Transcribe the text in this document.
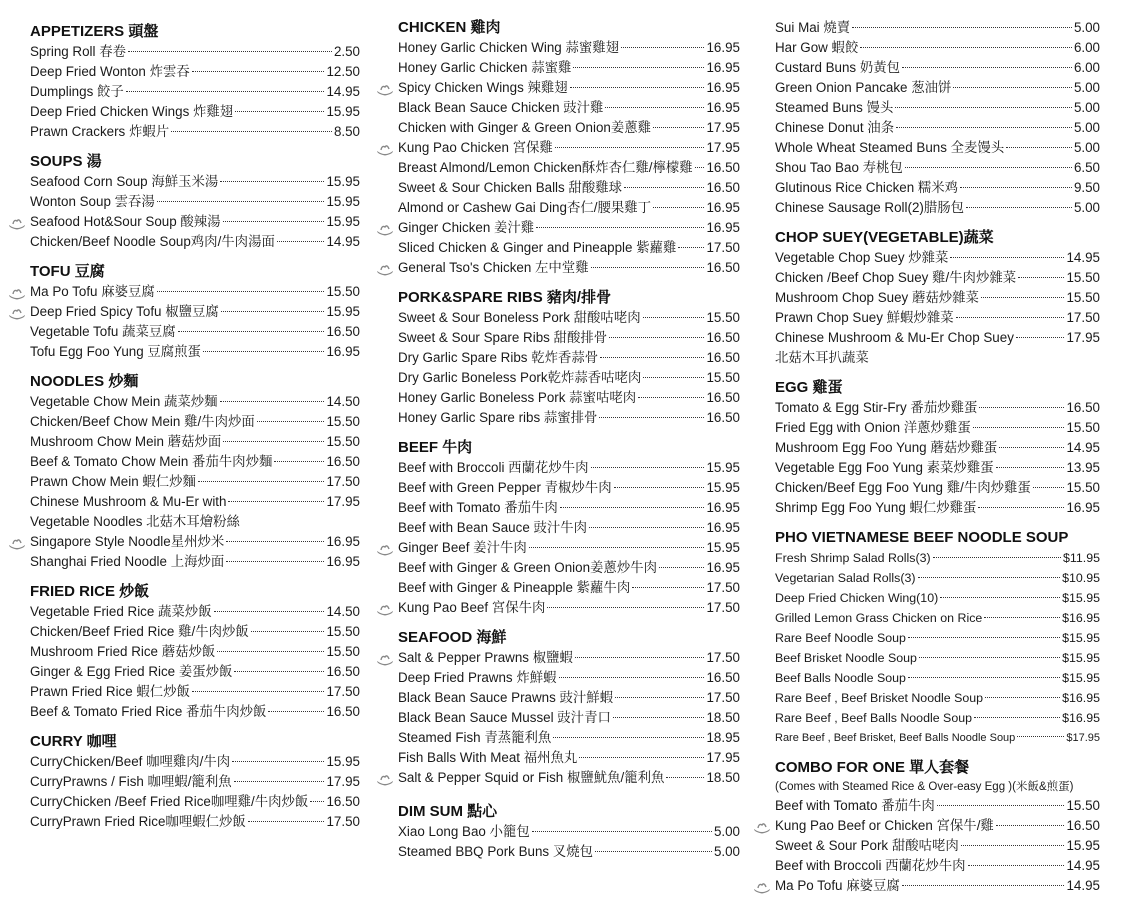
APPETIZERS 頭盤
Spring Roll 春卷	2.50
Deep Fried Wonton 炸雲吞	12.50
Dumplings 餃子	14.95
Deep Fried Chicken Wings 炸雞翅	15.95
Prawn Crackers 炸蝦片	8.50
SOUPS 湯
Seafood Corn Soup 海鮮玉米湯	15.95
Wonton Soup 雲吞湯	15.95
Seafood Hot&Sour Soup 酸辣湯	15.95
Chicken/Beef Noodle Soup鸡肉/牛肉湯面	14.95
TOFU 豆腐
Ma Po Tofu 麻婆豆腐	15.50
Deep Fried Spicy Tofu 椒鹽豆腐	15.95
Vegetable Tofu 蔬菜豆腐	16.50
Tofu Egg Foo Yung 豆腐煎蛋	16.95
NOODLES 炒麵
Vegetable Chow Mein 蔬菜炒麵	14.50
Chicken/Beef Chow Mein 雞/牛肉炒面	15.50
Mushroom Chow Mein 蘑菇炒面	15.50
Beef & Tomato Chow Mein 番茄牛肉炒麵	16.50
Prawn Chow Mein 蝦仁炒麵	17.50
Chinese Mushroom & Mu-Er with	17.95
Vegetable Noodles 北菇木耳燴粉絲
Singapore Style Noodle星州炒米	16.95
Shanghai Fried Noodle 上海炒面	16.95
FRIED RICE 炒飯
Vegetable Fried Rice 蔬菜炒飯	14.50
Chicken/Beef Fried Rice 雞/牛肉炒飯	15.50
Mushroom Fried Rice 蘑菇炒飯	15.50
Ginger & Egg Fried Rice 姜蛋炒飯	16.50
Prawn Fried Rice 蝦仁炒飯	17.50
Beef & Tomato Fried Rice 番茄牛肉炒飯	16.50
CURRY 咖哩
CurryChicken/Beef 咖哩雞肉/牛肉	15.95
CurryPrawns / Fish 咖哩蝦/籠利魚	17.95
CurryChicken /Beef Fried Rice咖哩雞/牛肉炒飯 16.50
CurryPrawn Fried Rice咖哩蝦仁炒飯	17.50
CHICKEN 雞肉
Honey Garlic Chicken Wing 蒜蜜雞翅	16.95
Honey Garlic Chicken 蒜蜜雞	16.95
Spicy Chicken Wings 辣雞翅	16.95
Black Bean Sauce Chicken 豉汁雞	16.95
Chicken with Ginger & Green Onion姜蔥雞	17.95
Kung Pao Chicken 宮保雞	17.95
Breast Almond/Lemon Chicken酥炸杏仁雞/檸檬雞 16.50
Sweet & Sour Chicken Balls 甜酸雞球	16.50
Almond or Cashew Gai Ding杏仁/腰果雞丁	16.95
Ginger Chicken 姜汁雞	16.95
Sliced Chicken & Ginger and Pineapple 紫蘿雞 17.50
General Tso's Chicken 左中堂雞	16.50
PORK&SPARE RIBS 豬肉/排骨
Sweet & Sour Boneless Pork 甜酸咕咾肉	15.50
Sweet & Sour Spare Ribs 甜酸排骨	16.50
Dry Garlic Spare Ribs 乾炸香蒜骨	16.50
Dry Garlic Boneless Pork乾炸蒜香咕咾肉	15.50
Honey Garlic Boneless Pork 蒜蜜咕咾肉	16.50
Honey Garlic Spare ribs 蒜蜜排骨	16.50
BEEF 牛肉
Beef with Broccoli 西蘭花炒牛肉	15.95
Beef with Green Pepper 青椒炒牛肉	15.95
Beef with Tomato 番茄牛肉	16.95
Beef with Bean Sauce 豉汁牛肉	16.95
Ginger Beef 姜汁牛肉	15.95
Beef with Ginger & Green Onion姜蔥炒牛肉	16.95
Beef with Ginger & Pineapple 紫蘿牛肉	17.50
Kung Pao Beef 宮保牛肉	17.50
SEAFOOD 海鮮
Salt & Pepper Prawns 椒鹽蝦	17.50
Deep Fried Prawns 炸鮮蝦	16.50
Black Bean Sauce Prawns 豉汁鮮蝦	17.50
Black Bean Sauce Mussel 豉汁青口	18.50
Steamed Fish 青蒸籠利魚	18.95
Fish Balls With Meat 福州魚丸	17.95
Salt & Pepper Squid or Fish 椒鹽魷魚/籠利魚	18.50
DIM SUM 點心
Xiao Long Bao 小籠包	5.00
Steamed BBQ Pork Buns 叉燒包	5.00
Sui Mai 燒賣	5.00
Har Gow 蝦餃	6.00
Custard Buns 奶黃包	6.00
Green Onion Pancake 葱油饼	5.00
Steamed Buns 馒头	5.00
Chinese Donut 油条	5.00
Whole Wheat Steamed Buns 全麦馒头	5.00
Shou Tao Bao 寿桃包	6.50
Glutinous Rice Chicken 糯米鸡	9.50
Chinese Sausage Roll(2)腊肠包	5.00
CHOP SUEY(VEGETABLE)蔬菜
Vegetable Chop Suey 炒雜菜	14.95
Chicken /Beef Chop Suey 雞/牛肉炒雜菜	15.50
Mushroom Chop Suey 蘑菇炒雜菜	15.50
Prawn Chop Suey 鮮蝦炒雜菜	17.50
Chinese Mushroom & Mu-Er Chop Suey	17.95
北菇木耳扒蔬菜
EGG 雞蛋
Tomato & Egg Stir-Fry 番茄炒雞蛋	16.50
Fried Egg with Onion 洋蔥炒雞蛋	15.50
Mushroom Egg Foo Yung 蘑菇炒雞蛋	14.95
Vegetable Egg Foo Yung 素菜炒雞蛋	13.95
Chicken/Beef Egg Foo Yung 雞/牛肉炒雞蛋	15.50
Shrimp Egg Foo Yung 蝦仁炒雞蛋	16.95
PHO VIETNAMESE BEEF NOODLE SOUP
Fresh Shrimp Salad Rolls(3)	$11.95
Vegetarian Salad Rolls(3)	$10.95
Deep Fried Chicken Wing(10)	$15.95
Grilled Lemon Grass Chicken on Rice	$16.95
Rare Beef Noodle Soup	$15.95
Beef Brisket Noodle Soup	$15.95
Beef Balls Noodle Soup	$15.95
Rare Beef , Beef Brisket Noodle Soup	$16.95
Rare Beef , Beef Balls Noodle Soup	$16.95
Rare Beef , Beef Brisket, Beef Balls Noodle Soup	$17.95
COMBO FOR ONE 單人套餐
(Comes with Steamed Rice & Over-easy Egg )(米飯&煎蛋)
Beef with Tomato 番茄牛肉	15.50
Kung Pao Beef or Chicken 宮保牛/雞	16.50
Sweet & Sour Pork 甜酸咕咾肉	15.95
Beef with Broccoli 西蘭花炒牛肉	14.95
Ma Po Tofu 麻婆豆腐	14.95
